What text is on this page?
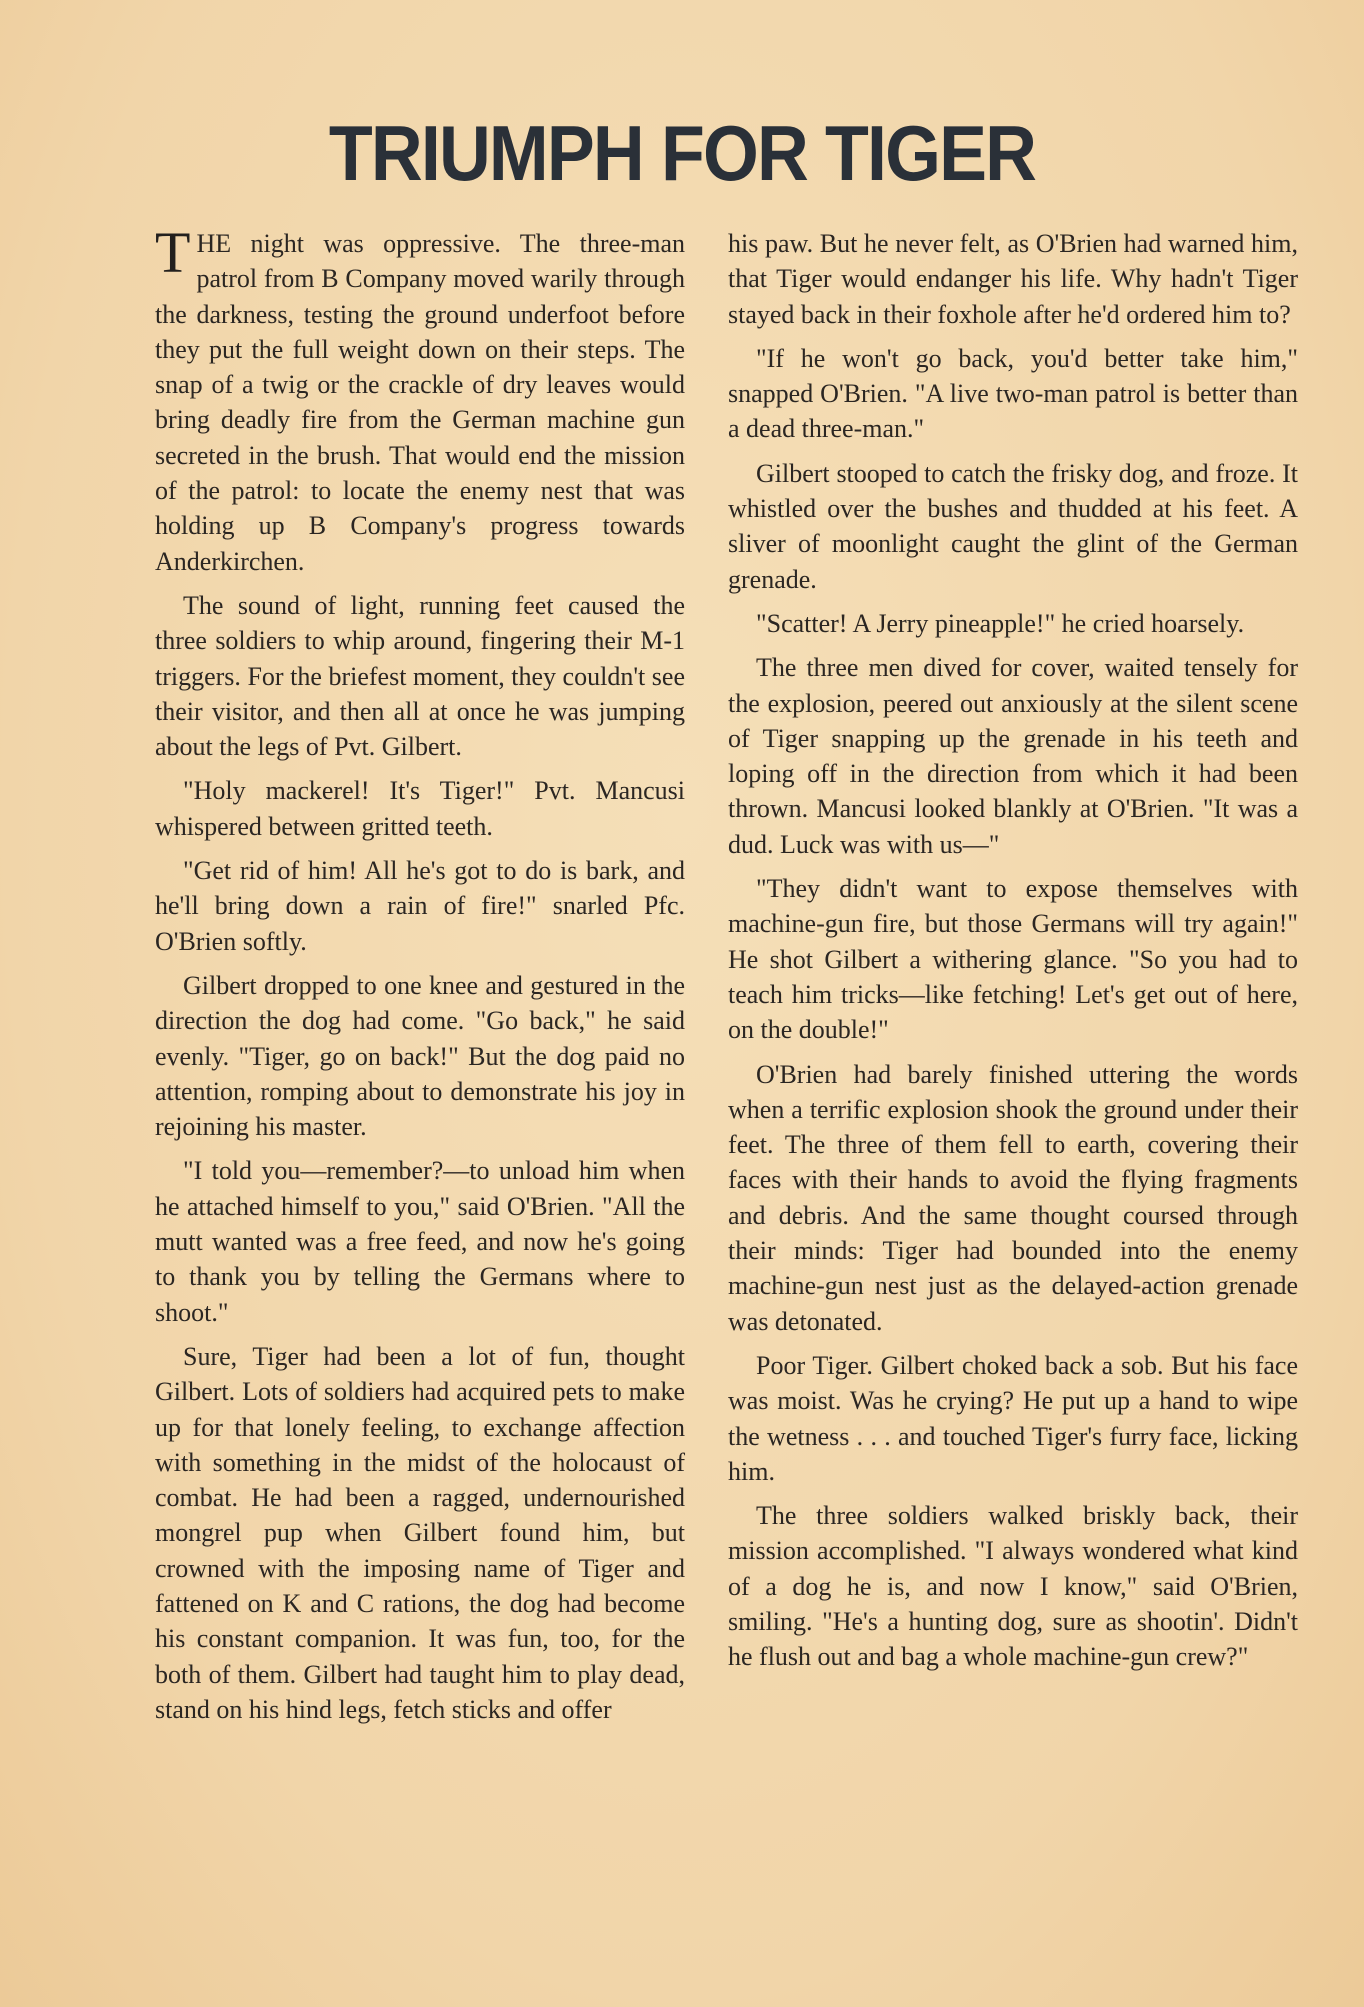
TRIUMPH FOR TIGER

THE night was oppressive. The three-man patrol from B Company moved warily through the darkness, testing the ground underfoot before they put the full weight down on their steps. The snap of a twig or the crackle of dry leaves would bring deadly fire from the German machine gun secreted in the brush. That would end the mission of the patrol: to locate the enemy nest that was holding up B Company's progress towards Anderkirchen.

The sound of light, running feet caused the three soldiers to whip around, fingering their M-1 triggers. For the briefest moment, they couldn't see their visitor, and then all at once he was jumping about the legs of Pvt. Gilbert.

"Holy mackerel! It's Tiger!" Pvt. Mancusi whispered between gritted teeth.

"Get rid of him! All he's got to do is bark, and he'll bring down a rain of fire!" snarled Pfc. O'Brien softly.

Gilbert dropped to one knee and gestured in the direction the dog had come. "Go back," he said evenly. "Tiger, go on back!" But the dog paid no attention, romping about to demonstrate his joy in rejoining his master.

"I told you—remember?—to unload him when he attached himself to you," said O'Brien. "All the mutt wanted was a free feed, and now he's going to thank you by telling the Germans where to shoot."

Sure, Tiger had been a lot of fun, thought Gilbert. Lots of soldiers had acquired pets to make up for that lonely feeling, to exchange affection with something in the midst of the holocaust of combat. He had been a ragged, undernourished mongrel pup when Gilbert found him, but crowned with the imposing name of Tiger and fattened on K and C rations, the dog had become his constant companion. It was fun, too, for the both of them. Gilbert had taught him to play dead, stand on his hind legs, fetch sticks and offer

his paw. But he never felt, as O'Brien had warned him, that Tiger would endanger his life. Why hadn't Tiger stayed back in their foxhole after he'd ordered him to?

"If he won't go back, you'd better take him," snapped O'Brien. "A live two-man patrol is better than a dead three-man."

Gilbert stooped to catch the frisky dog, and froze. It whistled over the bushes and thudded at his feet. A sliver of moonlight caught the glint of the German grenade.

"Scatter! A Jerry pineapple!" he cried hoarsely.

The three men dived for cover, waited tensely for the explosion, peered out anxiously at the silent scene of Tiger snapping up the grenade in his teeth and loping off in the direction from which it had been thrown. Mancusi looked blankly at O'Brien. "It was a dud. Luck was with us—"

"They didn't want to expose themselves with machine-gun fire, but those Germans will try again!" He shot Gilbert a withering glance. "So you had to teach him tricks—like fetching! Let's get out of here, on the double!"

O'Brien had barely finished uttering the words when a terrific explosion shook the ground under their feet. The three of them fell to earth, covering their faces with their hands to avoid the flying fragments and debris. And the same thought coursed through their minds: Tiger had bounded into the enemy machine-gun nest just as the delayed-action grenade was detonated.

Poor Tiger. Gilbert choked back a sob. But his face was moist. Was he crying? He put up a hand to wipe the wetness . . . and touched Tiger's furry face, licking him.

The three soldiers walked briskly back, their mission accomplished. "I always wondered what kind of a dog he is, and now I know," said O'Brien, smiling. "He's a hunting dog, sure as shootin'. Didn't he flush out and bag a whole machine-gun crew?"
